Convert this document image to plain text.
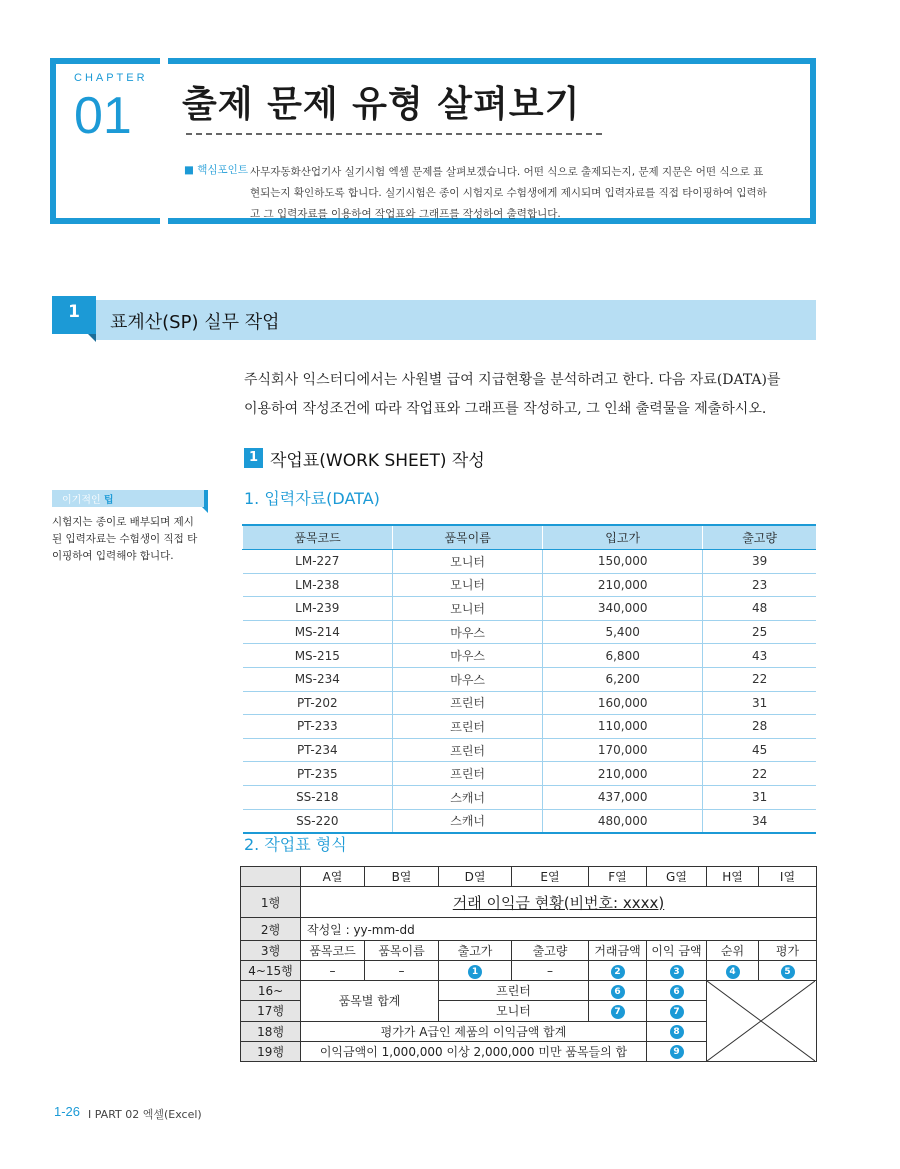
CHAPTER
01 출제 문제 유형 살펴보기
■ 핵심포인트 사무자동화산업기사 실기시험 엑셀 문제를 살펴보겠습니다. 어떤 식으로 출제되는지, 문제 지문은 어떤 식으로 표
현되는지 확인하도록 합니다. 실기시험은 종이 시험지로 수험생에게 제시되며 입력자료를 직접 타이핑하여 입력하
고 그 입력자료를 이용하여 작업표와 그래프를 작성하여 출력합니다.
1	표계산(SP) 실무 작업
주식회사 익스터디에서는 사원별 급여 지급현황을 분석하려고 한다. 다음 자료(DATA)를
이용하여 작성조건에 따라 작업표와 그래프를 작성하고, 그 인쇄 출력물을 제출하시오.
1 작업표(WORK SHEET) 작성
이기적인 팁
시험지는 종이로 배부되며 제시
된 입력자료는 수험생이 직접 타
이핑하여 입력해야 합니다.
1. 입력자료(DATA)
품목코드	품목이름	입고가	출고량
LM-227	모니터	150,000	39
LM-238	모니터	210,000	23
LM-239	모니터	340,000	48
MS-214	마우스	5,400	25
MS-215	마우스	6,800	43
MS-234	마우스	6,200	22
PT-202	프린터	160,000	31
PT-233	프린터	110,000	28
PT-234	프린터	170,000	45
PT-235	프린터	210,000	22
SS-218	스캐너	437,000	31
SS-220	스캐너	480,000	34
2. 작업표 형식
	A열	B열	D열	E열	F열	G열	H열	I열
1행	거래 이익금 현황(비번호: xxxx)							
2행	작성일 : yy-mm-dd							
3행	품목코드	품목이름	출고가	출고량	거래금액	이익 금액	순위	평가
4~15행	–	–	1	–	2	3	4	5
16~	품목별 합계		프린터		6	6	

17행			모니터		7	7		
18행	평가가 A급인 제품의 이익금액 합계					8		
19행	이익금액이 1,000,000 이상 2,000,000 미만 품목들의 합					9		
1-26 I PART 02 엑셀(Excel)
